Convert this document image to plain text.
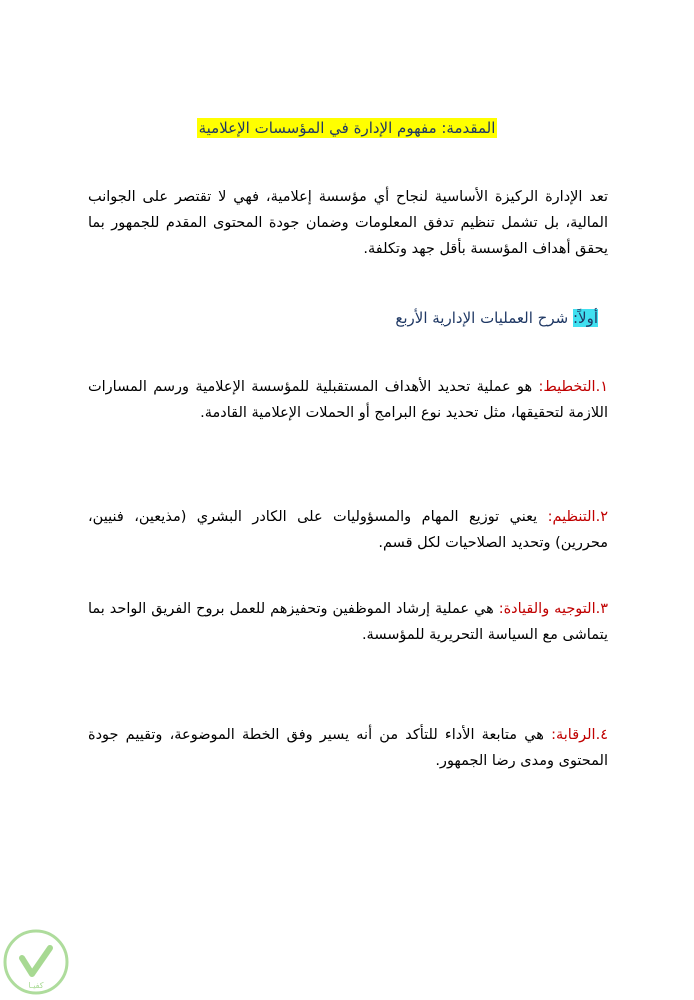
المقدمة: مفهوم الإدارة في المؤسسات الإعلامية
تعد الإدارة الركيزة الأساسية لنجاح أي مؤسسة إعلامية، فهي لا تقتصر على الجوانب المالية، بل تشمل تنظيم تدفق المعلومات وضمان جودة المحتوى المقدم للجمهور بما يحقق أهداف المؤسسة بأقل جهد وتكلفة.
أولاً: شرح العمليات الإدارية الأربع
١.التخطيط: هو عملية تحديد الأهداف المستقبلية للمؤسسة الإعلامية ورسم المسارات اللازمة لتحقيقها، مثل تحديد نوع البرامج أو الحملات الإعلامية القادمة.
٢.التنظيم: يعني توزيع المهام والمسؤوليات على الكادر البشري (مذيعين، فنيين، محررين) وتحديد الصلاحيات لكل قسم.
٣.التوجيه والقيادة: هي عملية إرشاد الموظفين وتحفيزهم للعمل بروح الفريق الواحد بما يتماشى مع السياسة التحريرية للمؤسسة.
٤.الرقابة: هي متابعة الأداء للتأكد من أنه يسير وفق الخطة الموضوعة، وتقييم جودة المحتوى ومدى رضا الجمهور.
كفيـا
